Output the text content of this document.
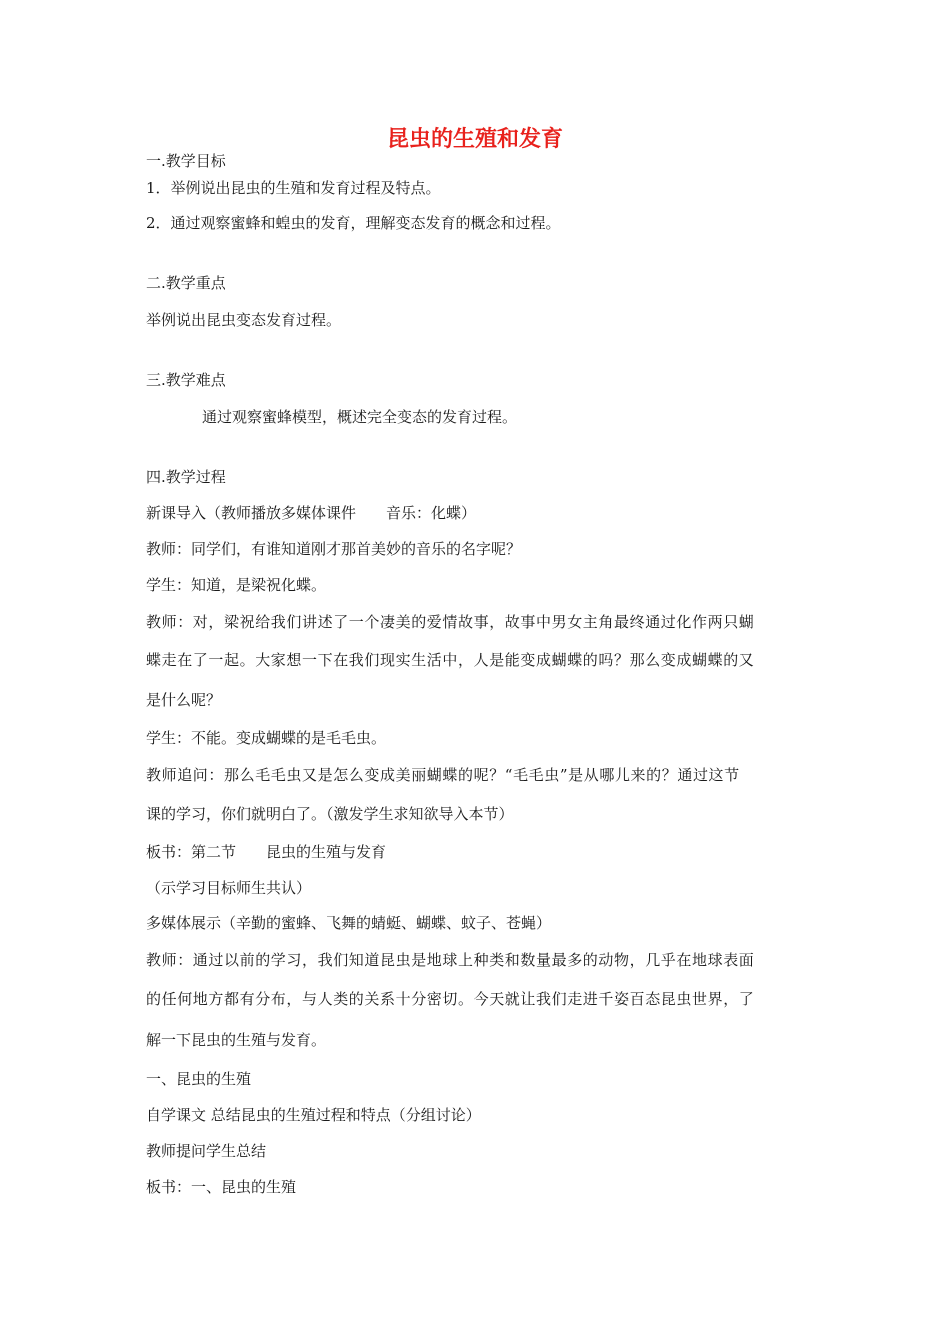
昆虫的生殖和发育
一.教学目标
1．举例说出昆虫的生殖和发育过程及特点。
2．通过观察蜜蜂和蝗虫的发育，理解变态发育的概念和过程。
二.教学重点
举例说出昆虫变态发育过程。
三.教学难点
通过观察蜜蜂模型，概述完全变态的发育过程。
四.教学过程
新课导入（教师播放多媒体课件　　音乐：化蝶）
教师：同学们，有谁知道刚才那首美妙的音乐的名字呢？
学生：知道，是梁祝化蝶。
教师：对，梁祝给我们讲述了一个凄美的爱情故事，故事中男女主角最终通过化作两只蝴
蝶走在了一起。大家想一下在我们现实生活中，人是能变成蝴蝶的吗？那么变成蝴蝶的又
是什么呢？
学生：不能。变成蝴蝶的是毛毛虫。
教师追问：那么毛毛虫又是怎么变成美丽蝴蝶的呢？“毛毛虫”是从哪儿来的？通过这节
课的学习，你们就明白了。（激发学生求知欲导入本节）
板书：第二节　　昆虫的生殖与发育
（示学习目标师生共认）
多媒体展示（辛勤的蜜蜂、飞舞的蜻蜓、蝴蝶、蚊子、苍蝇）
教师：通过以前的学习，我们知道昆虫是地球上种类和数量最多的动物，几乎在地球表面
的任何地方都有分布，与人类的关系十分密切。今天就让我们走进千姿百态昆虫世界，了
解一下昆虫的生殖与发育。
一、昆虫的生殖
自学课文 总结昆虫的生殖过程和特点（分组讨论）
教师提问学生总结
板书：一、昆虫的生殖
